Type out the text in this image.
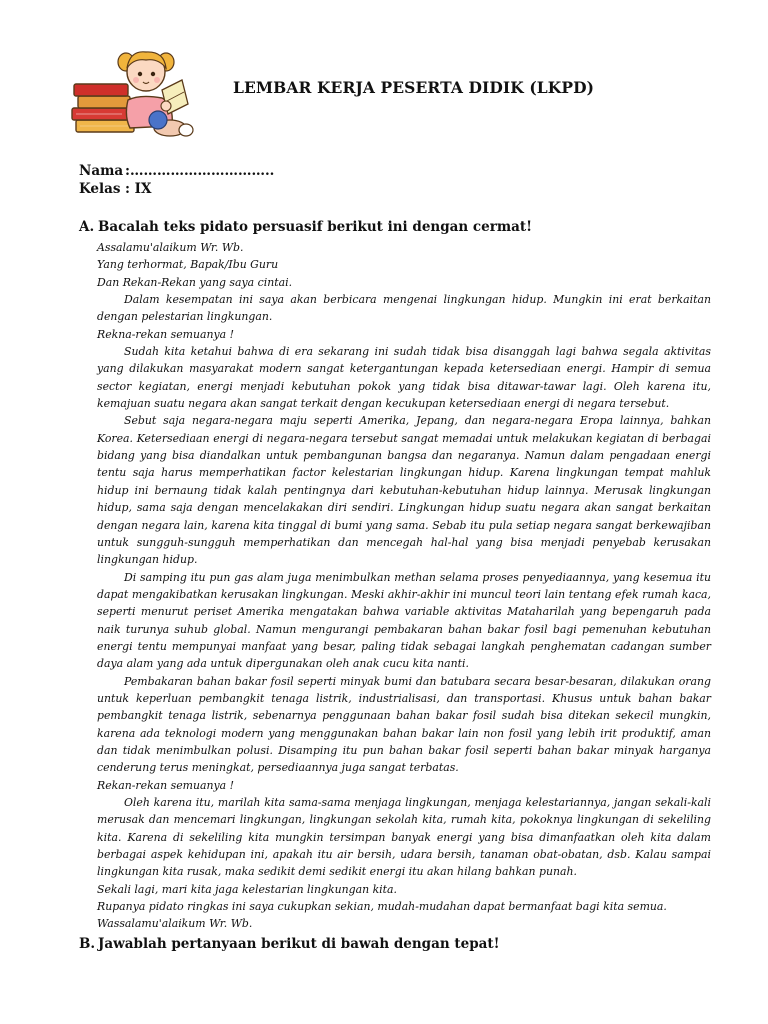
LEMBAR KERJA PESERTA DIDIK (LKPD)
Nama :…………………………..
Kelas : IX
A. Bacalah teks pidato persuasif berikut ini dengan cermat!

Assalamu'alaikum Wr. Wb.

Yang terhormat, Bapak/Ibu Guru

Dan Rekan-Rekan yang saya cintai.

Dalam kesempatan ini saya akan berbicara mengenai lingkungan hidup. Mungkin ini erat berkaitan dengan pelestarian lingkungan.

Rekna-rekan semuanya !

Sudah kita ketahui bahwa di era sekarang ini sudah tidak bisa disanggah lagi bahwa segala aktivitas yang dilakukan masyarakat modern sangat ketergantungan kepada ketersediaan energi. Hampir di semua sector kegiatan, energi menjadi kebutuhan pokok yang tidak bisa ditawar-tawar lagi. Oleh karena itu, kemajuan suatu negara akan sangat terkait dengan kecukupan ketersediaan energi di negara tersebut.

Sebut saja negara-negara maju seperti Amerika, Jepang, dan negara-negara Eropa lainnya, bahkan Korea. Ketersediaan energi di negara-negara tersebut sangat memadai untuk melakukan kegiatan di berbagai bidang yang bisa diandalkan untuk pembangunan bangsa dan negaranya. Namun dalam pengadaan energi tentu saja harus memperhatikan factor kelestarian lingkungan hidup. Karena lingkungan tempat mahluk hidup ini bernaung tidak kalah pentingnya dari kebutuhan-kebutuhan hidup lainnya. Merusak lingkungan hidup, sama saja dengan mencelakakan diri sendiri. Lingkungan hidup suatu negara akan sangat berkaitan dengan negara lain, karena kita tinggal di bumi yang sama. Sebab itu pula setiap negara sangat berkewajiban untuk sungguh-sungguh memperhatikan dan mencegah hal-hal yang bisa menjadi penyebab kerusakan lingkungan hidup.

Di samping itu pun gas alam juga menimbulkan methan selama proses penyediaannya, yang kesemua itu dapat mengakibatkan kerusakan lingkungan. Meski akhir-akhir ini muncul teori lain tentang efek rumah kaca, seperti menurut periset Amerika mengatakan bahwa variable aktivitas Mataharilah yang bepengaruh pada naik turunya suhub global. Namun mengurangi pembakaran bahan bakar fosil bagi pemenuhan kebutuhan energi tentu mempunyai manfaat yang besar, paling tidak sebagai langkah penghematan cadangan sumber daya alam yang ada untuk dipergunakan oleh anak cucu kita nanti.

Pembakaran bahan bakar fosil seperti minyak bumi dan batubara secara besar-besaran, dilakukan orang untuk keperluan pembangkit tenaga listrik, industrialisasi, dan transportasi. Khusus untuk bahan bakar pembangkit tenaga listrik, sebenarnya penggunaan bahan bakar fosil sudah bisa ditekan sekecil mungkin, karena ada teknologi modern yang menggunakan bahan bakar lain non fosil yang lebih irit produktif, aman dan tidak menimbulkan polusi. Disamping itu pun bahan bakar fosil seperti bahan bakar minyak harganya cenderung terus meningkat, persediaannya juga sangat terbatas.

Rekan-rekan semuanya !

Oleh karena itu, marilah kita sama-sama menjaga lingkungan, menjaga kelestariannya, jangan sekali-kali merusak dan mencemari lingkungan, lingkungan sekolah kita, rumah kita, pokoknya lingkungan di sekeliling kita. Karena di sekeliling kita mungkin tersimpan banyak energi yang bisa dimanfaatkan oleh kita dalam berbagai aspek kehidupan ini, apakah itu air bersih, udara bersih, tanaman obat-obatan, dsb. Kalau sampai lingkungan kita rusak, maka sedikit demi sedikit energi itu akan hilang bahkan punah.

Sekali lagi, mari kita jaga kelestarian lingkungan kita.

Rupanya pidato ringkas ini saya cukupkan sekian, mudah-mudahan dapat bermanfaat bagi kita semua.

Wassalamu'alaikum Wr. Wb.

B. Jawablah pertanyaan berikut di bawah dengan tepat!
